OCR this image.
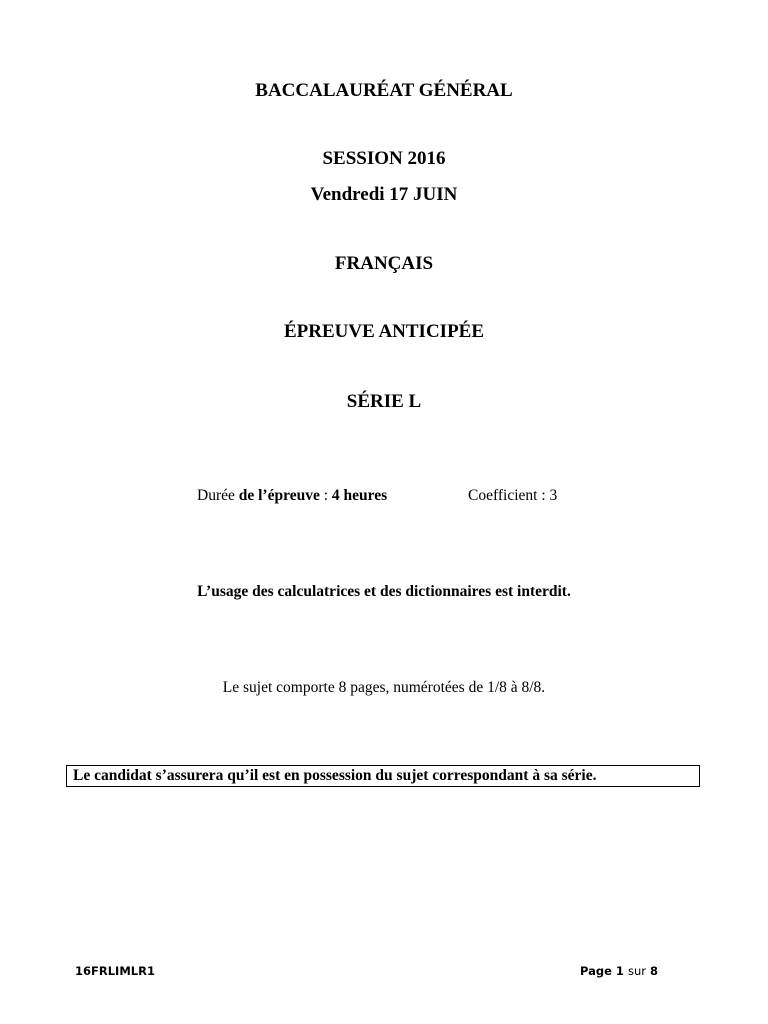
BACCALAURÉAT GÉNÉRAL
SESSION 2016
Vendredi 17 JUIN
FRANÇAIS
ÉPREUVE ANTICIPÉE
SÉRIE L
Durée de l’épreuve : 4 heures	Coefficient : 3
L’usage des calculatrices et des dictionnaires est interdit.
Le sujet comporte 8 pages, numérotées de 1/8 à 8/8.
Le candidat s’assurera qu’il est en possession du sujet correspondant à sa série.
16FRLIMLR1	Page 1 sur 8
